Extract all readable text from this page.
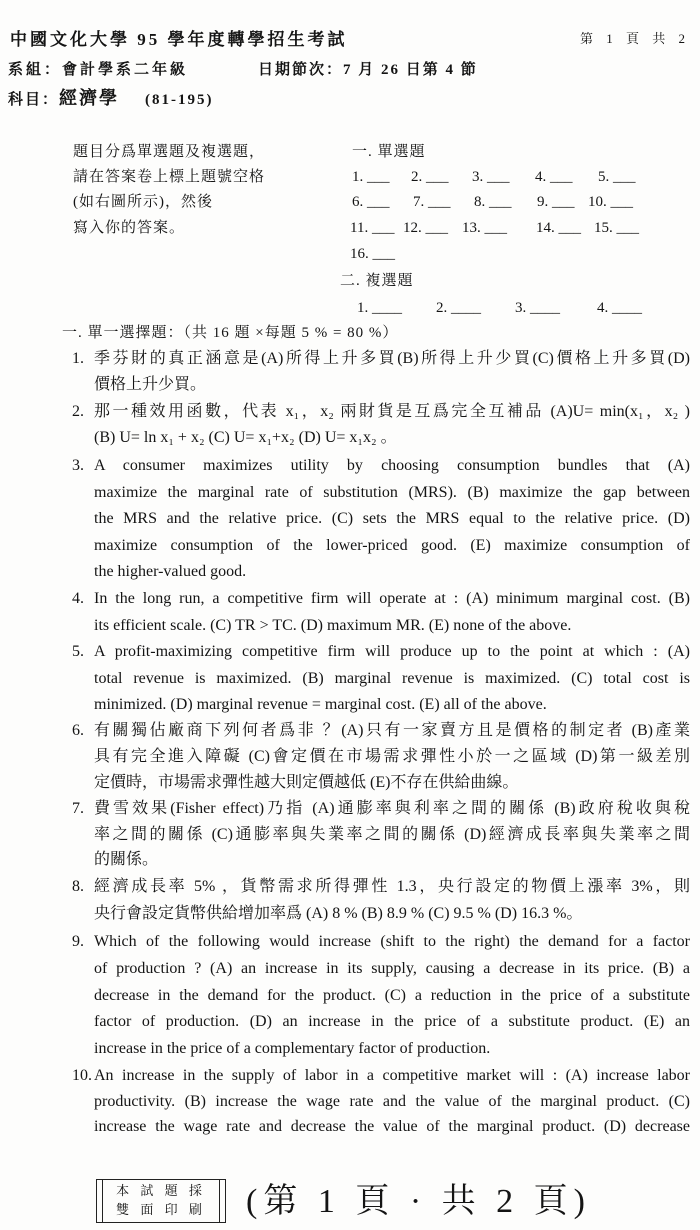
中國文化大學 95 學年度轉學招生考試	第 1 頁 共 2
系組：會計學系二年級	日期節次：7 月 26 日第 4 節
科目：經濟學 (81-195)
題目分爲單選題及複選題，
請在答案卷上標上題號空格
(如右圖所示)，然後
寫入你的答案。
一. 單選題
1. ___ 2. ___ 3. ___ 4. ___ 5. ___
6. ___ 7. ___ 8. ___ 9. ___ 10. ___
11. ___ 12. ___ 13. ___ 14. ___ 15. ___
16. ___
二. 複選題
1. ____ 2. ____ 3. ____ 4. ____
一. 單一選擇題：（共 16 題 ×每題 5 % = 80 %）
1. 季芬財的真正涵意是(A)所得上升多買(B)所得上升少買(C)價格上升多買(D)
價格上升少買。
2. 那一種效用函數，代表 x₁，x₂ 兩財貨是互爲完全互補品 (A)U= min(x₁，x₂ )
(B) U= ln x₁ + x₂ (C) U= x₁+x₂ (D) U= x₁x₂ 。
3. A consumer maximizes utility by choosing consumption bundles that (A)
maximize the marginal rate of substitution (MRS). (B) maximize the gap between
the MRS and the relative price. (C) sets the MRS equal to the relative price. (D)
maximize consumption of the lower-priced good. (E) maximize consumption of
the higher-valued good.
4. In the long run, a competitive firm will operate at : (A) minimum marginal cost. (B)
its efficient scale. (C) TR > TC. (D) maximum MR. (E) none of the above.
5. A profit-maximizing competitive firm will produce up to the point at which : (A)
total revenue is maximized. (B) marginal revenue is maximized. (C) total cost is
minimized. (D) marginal revenue = marginal cost. (E) all of the above.
6. 有關獨佔廠商下列何者爲非 ？(A)只有一家賣方且是價格的制定者 (B)產業
具有完全進入障礙 (C)會定價在市場需求彈性小於一之區域 (D)第一級差別
定價時，市場需求彈性越大則定價越低 (E)不存在供給曲線。
7. 費雪效果(Fisher effect)乃指 (A)通膨率與利率之間的關係 (B)政府稅收與稅
率之間的關係 (C)通膨率與失業率之間的關係 (D)經濟成長率與失業率之間
的關係。
8. 經濟成長率 5% ，貨幣需求所得彈性 1.3，央行設定的物價上漲率 3%，則
央行會設定貨幣供給增加率爲 (A) 8 % (B) 8.9 % (C) 9.5 % (D) 16.3 %。
9. Which of the following would increase (shift to the right) the demand for a factor
of production ? (A) an increase in its supply, causing a decrease in its price. (B) a
decrease in the demand for the product. (C) a reduction in the price of a substitute
factor of production. (D) an increase in the price of a substitute product. (E) an
increase in the price of a complementary factor of production.
10. An increase in the supply of labor in a competitive market will : (A) increase labor
productivity. (B) increase the wage rate and the value of the marginal product. (C)
increase the wage rate and decrease the value of the marginal product. (D) decrease
本 試 題 採
雙 面 印 刷	(第 1 頁 · 共 2 頁)
